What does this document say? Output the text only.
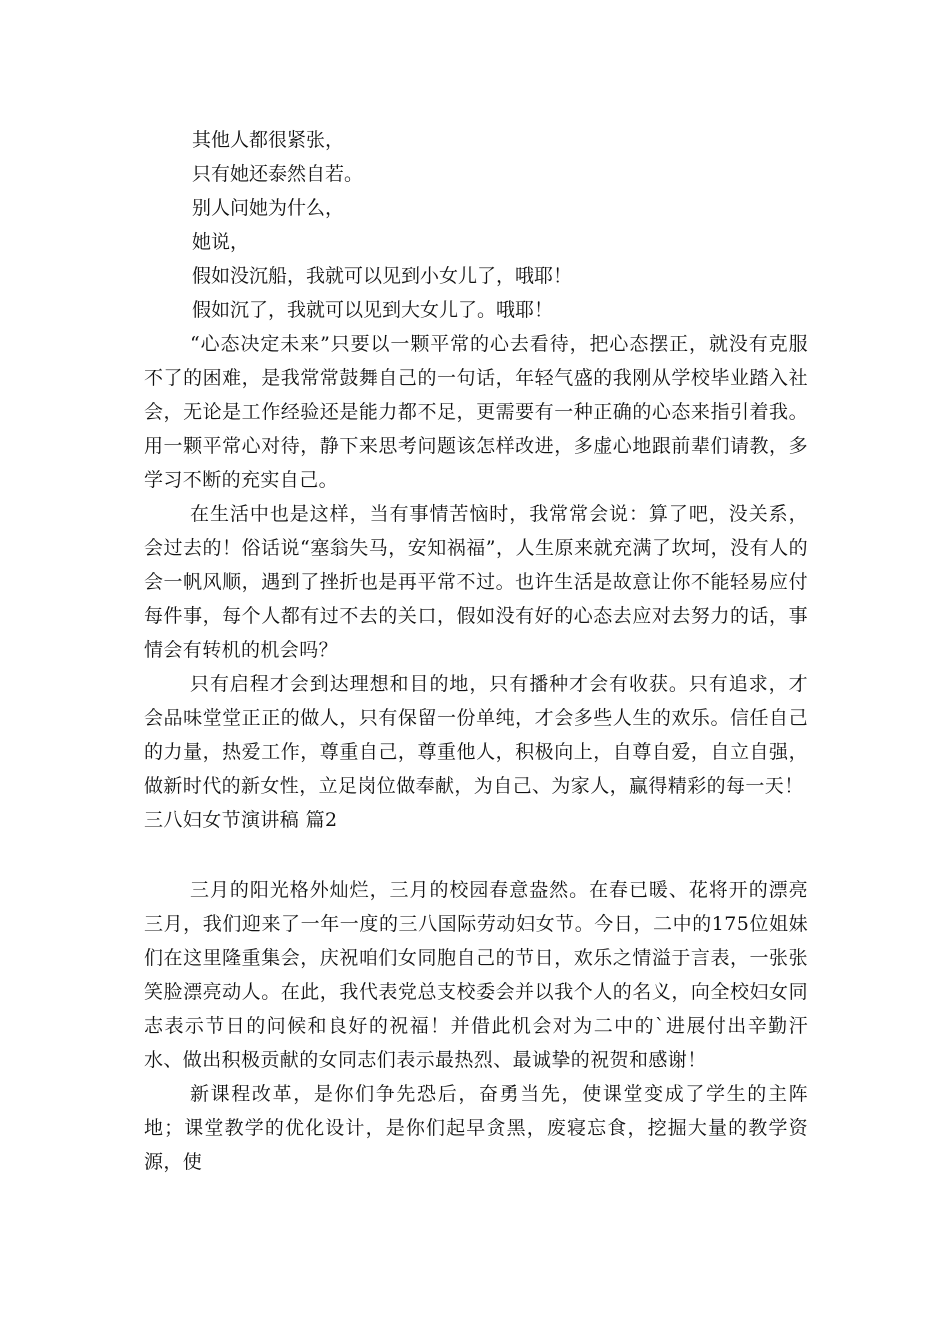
其他人都很紧张，

只有她还泰然自若。

别人问她为什么，

她说，

假如没沉船，我就可以见到小女儿了，哦耶！

假如沉了，我就可以见到大女儿了。哦耶！

“心态决定未来”只要以一颗平常的心去看待，把心态摆正，就没有克服不了的困难，是我常常鼓舞自己的一句话，年轻气盛的我刚从学校毕业踏入社会，无论是工作经验还是能力都不足，更需要有一种正确的心态来指引着我。用一颗平常心对待，静下来思考问题该怎样改进，多虚心地跟前辈们请教，多学习不断的充实自己。

在生活中也是这样，当有事情苦恼时，我常常会说：算了吧，没关系，会过去的！俗话说“塞翁失马，安知祸福”，人生原来就充满了坎坷，没有人的会一帆风顺，遇到了挫折也是再平常不过。也许生活是故意让你不能轻易应付每件事，每个人都有过不去的关口，假如没有好的心态去应对去努力的话，事情会有转机的机会吗？

只有启程才会到达理想和目的地，只有播种才会有收获。只有追求，才会品味堂堂正正的做人，只有保留一份单纯，才会多些人生的欢乐。信任自己的力量，热爱工作，尊重自己，尊重他人，积极向上，自尊自爱，自立自强，做新时代的新女性，立足岗位做奉献，为自己、为家人，赢得精彩的每一天！

三八妇女节演讲稿 篇2

三月的阳光格外灿烂，三月的校园春意盎然。在春已暖、花将开的漂亮三月，我们迎来了一年一度的三八国际劳动妇女节。今日，二中的175位姐妹们在这里隆重集会，庆祝咱们女同胞自己的节日，欢乐之情溢于言表，一张张笑脸漂亮动人。在此，我代表党总支校委会并以我个人的名义，向全校妇女同志表示节日的问候和良好的祝福！并借此机会对为二中的`进展付出辛勤汗水、做出积极贡献的女同志们表示最热烈、最诚挚的祝贺和感谢！

新课程改革，是你们争先恐后，奋勇当先，使课堂变成了学生的主阵地；课堂教学的优化设计，是你们起早贪黑，废寝忘食，挖掘大量的教学资源，使
